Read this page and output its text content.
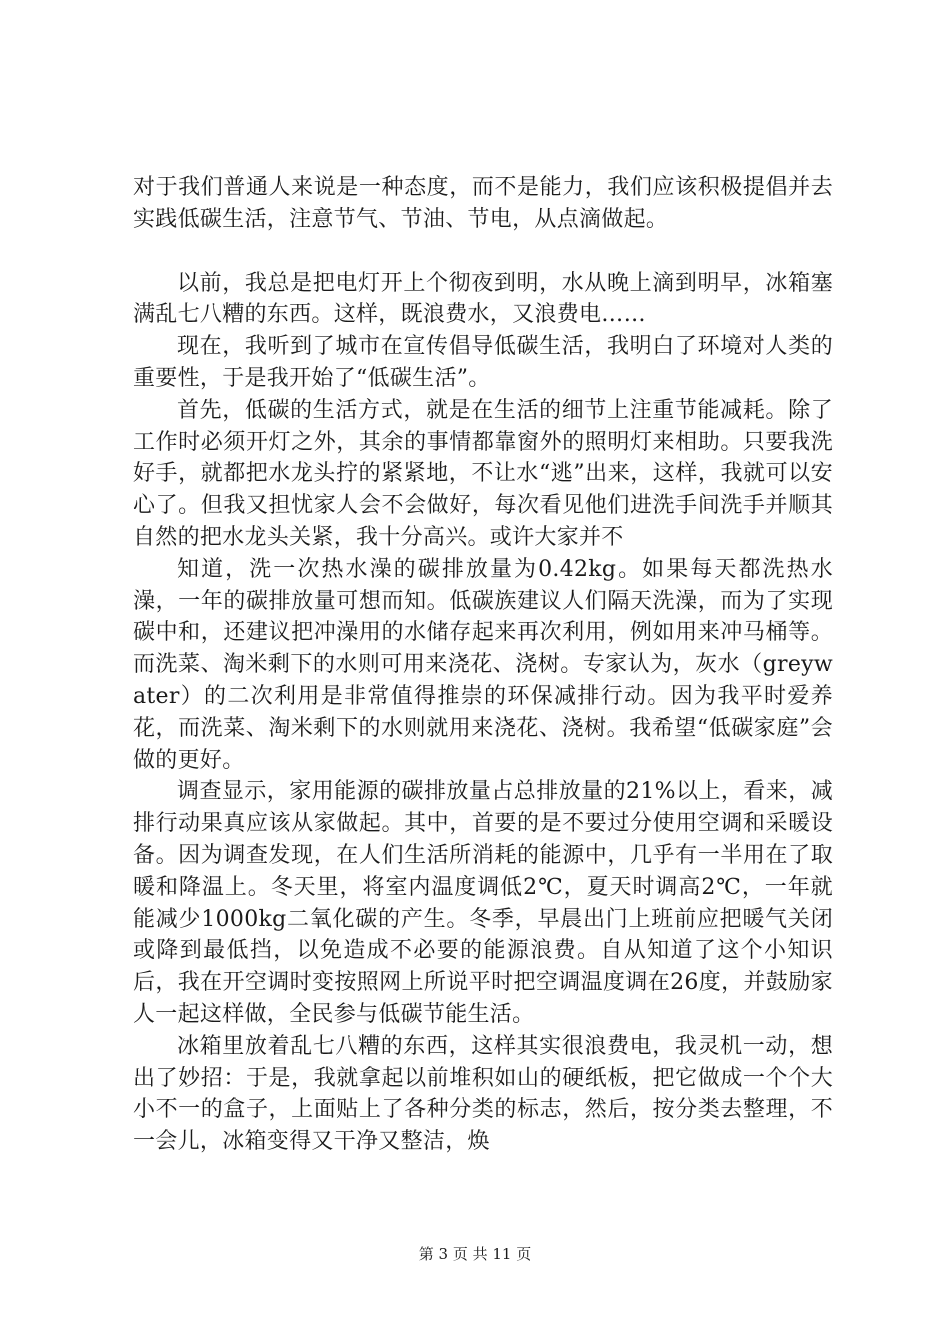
对于我们普通人来说是一种态度，而不是能力，我们应该积极提倡并去实践低碳生活，注意节气、节油、节电，从点滴做起。

以前，我总是把电灯开上个彻夜到明，水从晚上滴到明早，冰箱塞满乱七八糟的东西。这样，既浪费水，又浪费电……

现在，我听到了城市在宣传倡导低碳生活，我明白了环境对人类的重要性，于是我开始了“低碳生活”。

首先，低碳的生活方式，就是在生活的细节上注重节能减耗。除了工作时必须开灯之外，其余的事情都靠窗外的照明灯来相助。只要我洗好手，就都把水龙头拧的紧紧地，不让水“逃”出来，这样，我就可以安心了。但我又担忧家人会不会做好，每次看见他们进洗手间洗手并顺其自然的把水龙头关紧，我十分高兴。或许大家并不

知道，洗一次热水澡的碳排放量为0.42kg。如果每天都洗热水澡，一年的碳排放量可想而知。低碳族建议人们隔天洗澡，而为了实现碳中和，还建议把冲澡用的水储存起来再次利用，例如用来冲马桶等。而洗菜、淘米剩下的水则可用来浇花、浇树。专家认为，灰水（greywater）的二次利用是非常值得推崇的环保减排行动。因为我平时爱养花，而洗菜、淘米剩下的水则就用来浇花、浇树。我希望“低碳家庭”会做的更好。

调查显示，家用能源的碳排放量占总排放量的21%以上，看来，减排行动果真应该从家做起。其中，首要的是不要过分使用空调和采暖设备。因为调查发现，在人们生活所消耗的能源中，几乎有一半用在了取暖和降温上。冬天里，将室内温度调低2℃，夏天时调高2℃，一年就能减少1000kg二氧化碳的产生。冬季，早晨出门上班前应把暖气关闭或降到最低挡，以免造成不必要的能源浪费。自从知道了这个小知识后，我在开空调时变按照网上所说平时把空调温度调在26度，并鼓励家人一起这样做，全民参与低碳节能生活。

冰箱里放着乱七八糟的东西，这样其实很浪费电，我灵机一动，想出了妙招：于是，我就拿起以前堆积如山的硬纸板，把它做成一个个大小不一的盒子，上面贴上了各种分类的标志，然后，按分类去整理，不一会儿，冰箱变得又干净又整洁，焕

第 3 页 共 11 页
